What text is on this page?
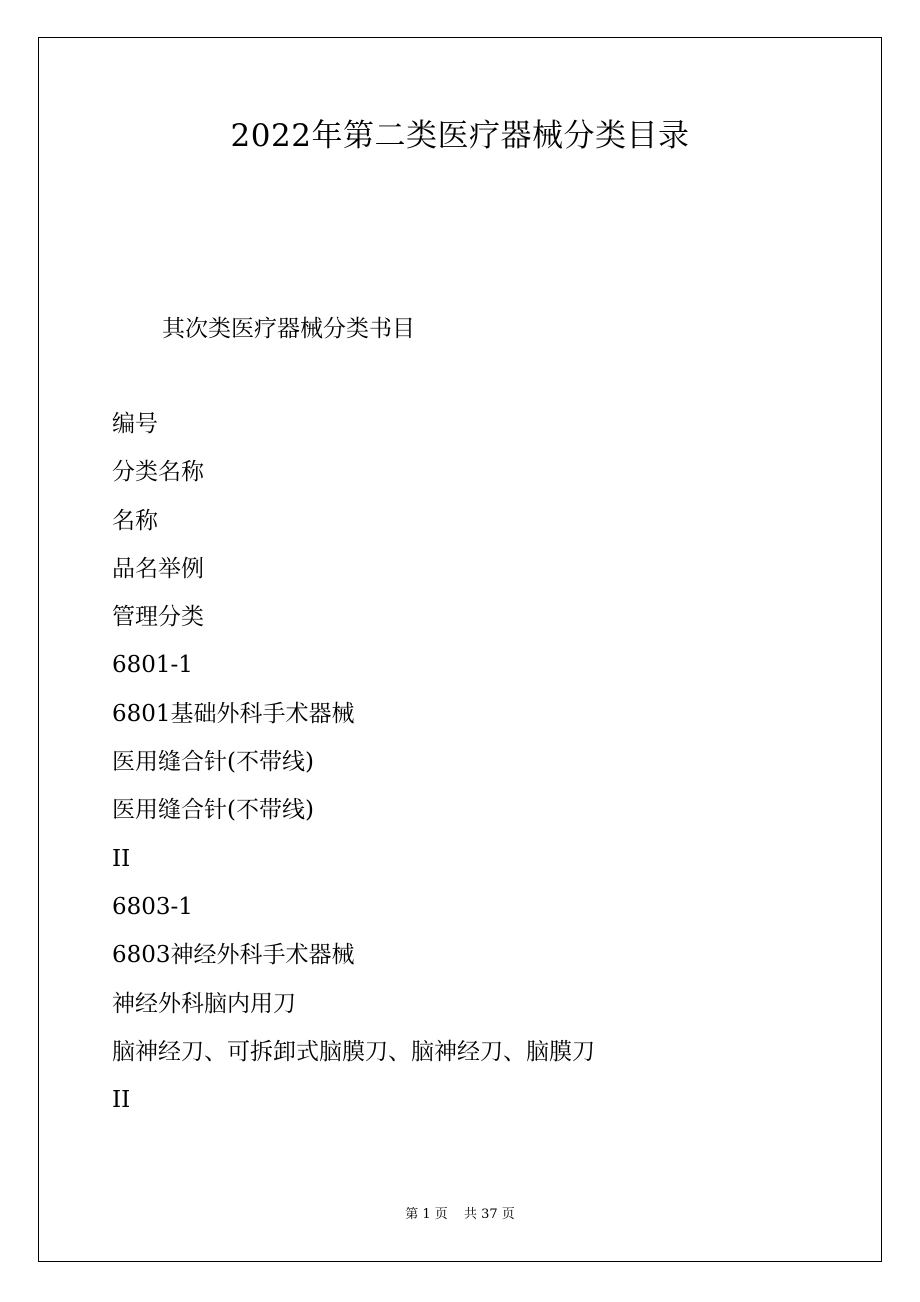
2022年第二类医疗器械分类目录
其次类医疗器械分类书目
编号
分类名称
名称
品名举例
管理分类
6801-1
6801基础外科手术器械
医用缝合针(不带线)
医用缝合针(不带线)
II
6803-1
6803神经外科手术器械
神经外科脑内用刀
脑神经刀、可拆卸式脑膜刀、脑神经刀、脑膜刀
II
第 1 页 共 37 页
